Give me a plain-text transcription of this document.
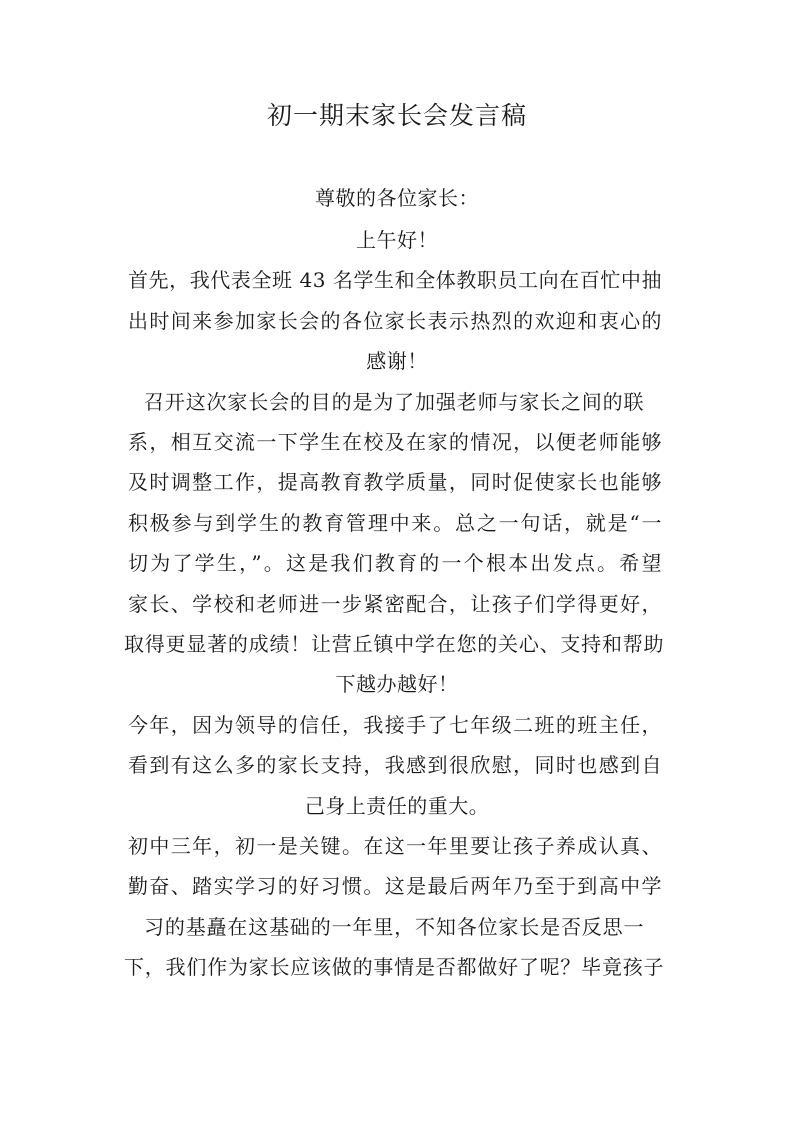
初一期末家长会发言稿

尊敬的各位家长：

上午好！

首先，我代表全班 43 名学生和全体教职员工向在百忙中抽

出时间来参加家长会的各位家长表示热烈的欢迎和衷心的

感谢！

召开这次家长会的目的是为了加强老师与家长之间的联

系，相互交流一下学生在校及在家的情况，以便老师能够

及时调整工作，提高教育教学质量，同时促使家长也能够

积极参与到学生的教育管理中来。总之一句话，就是“一

切为了学生，”。这是我们教育的一个根本出发点。希望

家长、学校和老师进一步紧密配合，让孩子们学得更好，

取得更显著的成绩！让营丘镇中学在您的关心、支持和帮助

下越办越好！

今年，因为领导的信任，我接手了七年级二班的班主任，

看到有这么多的家长支持，我感到很欣慰，同时也感到自

己身上责任的重大。

初中三年，初一是关键。在这一年里要让孩子养成认真、

勤奋、踏实学习的好习惯。这是最后两年乃至于到高中学

习的基矗在这基础的一年里，不知各位家长是否反思一

下，我们作为家长应该做的事情是否都做好了呢？毕竟孩子
